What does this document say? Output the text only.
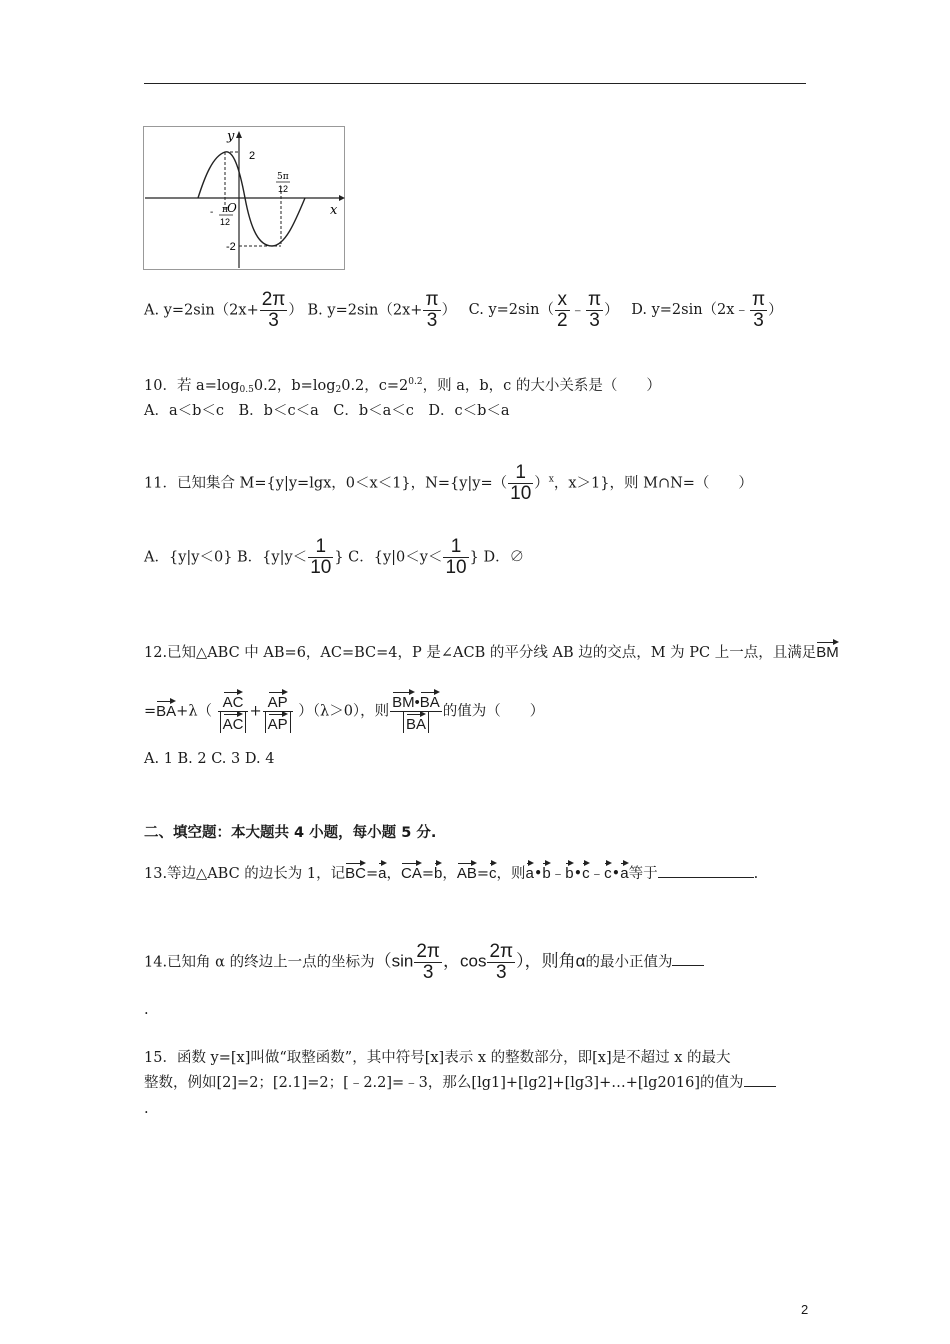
y
x
O
2
-2
- π
12
5π
12
A. $y=2\sin(2x+ \frac{2\pi}{3}$ ） B. $y=2\sin(2x+ \frac{\pi}{3}$ ） C. $y=2\sin( \frac{x}{2}$ ﹣ $\frac{\pi}{3}$ ） D. y=2sin（2x﹣ $\frac{\pi}{3}$ ）
10．若 $a=\log_{0.5}0.2$，$b=\log_20.2$，$c=2^{0.2}$，则 a，b，c 的大小关系是（　　）
A．a＜b＜c　B．b＜c＜a　C．b＜a＜c　D．c＜b＜a
11．已知集合 M={y|y=lgx，0＜x＜1}，$N=\{y|y=( \frac{1}{10} )^x$，x＞1}，则 M∩N=（　　）
A．{y|y＜0} B．{$y|y< \frac{1}{10}$ } C．{$y|0<y< \frac{1}{10}$ } D．∅
12.已知△ABC 中 AB=6，AC=BC=4，P 是∠ACB 的平分线 AB 边的交点，M 为 PC 上一点，且满足BM
$=BA+\lambda( \frac{AC}{AC} + \frac{AP}{AP} )(\lambda>0)$，则 $\frac{BM•BA}{BA}$ 的值为（　　）
A. 1 B. 2 C. 3 D. 4
二、填空题：本大题共 4 小题，每小题 5 分.
13.等边△ABC 的边长为 1，记BC=a，CA=b，AB=c，则a•b﹣b•c﹣c•a等于	.
14.已知角 α 的终边上一点的坐标为（$\sin \frac{2\pi}{3}$ ，$\cos \frac{2\pi}{3}$ ），则角α的最小正值为
.
15．函数 y=[x]叫做“取整函数”，其中符号[x]表示 x 的整数部分，即[x]是不超过 x 的最大
整数，例如[2]=2；[2.1]=2；[﹣2.2]=﹣3，那么[lg1]+[lg2]+[lg3]+…+[lg2016]的值为
.
2
